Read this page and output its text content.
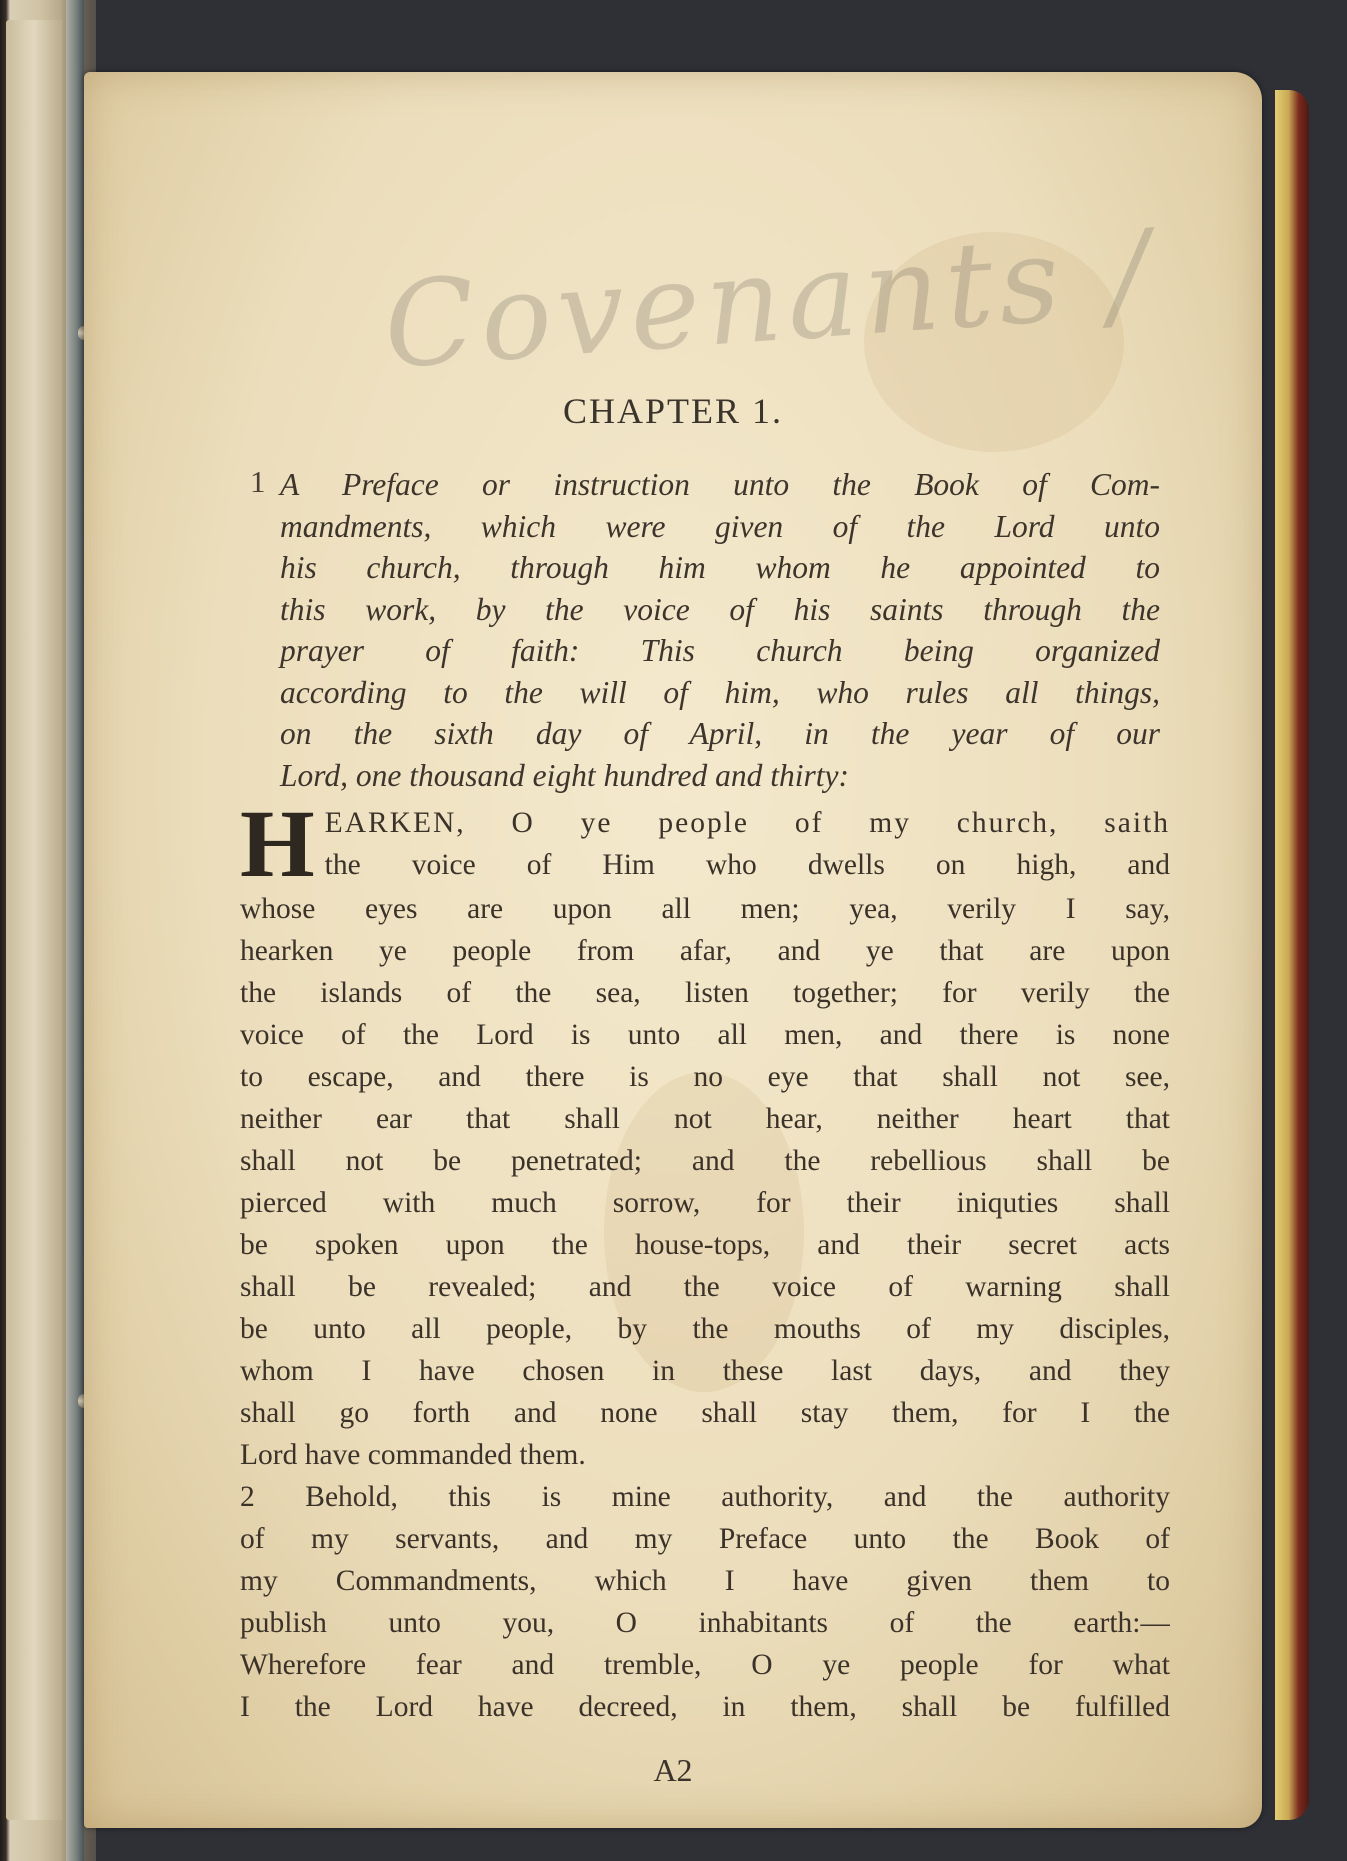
Covenants /
CHAPTER 1.
1 A Preface or instruction unto the Book of Com-
mandments, which were given of the Lord unto
his church, through him whom he appointed to
this work, by the voice of his saints through the
prayer of faith: This church being organized
according to the will of him, who rules all things,
on the sixth day of April, in the year of our
Lord, one thousand eight hundred and thirty:

H EARKEN, O ye people of my church, saith
the voice of Him who dwells on high, and
whose eyes are upon all men; yea, verily I say,
hearken ye people from afar, and ye that are upon
the islands of the sea, listen together; for verily the
voice of the Lord is unto all men, and there is none
to escape, and there is no eye that shall not see,
neither ear that shall not hear, neither heart that
shall not be penetrated; and the rebellious shall be
pierced with much sorrow, for their iniquties shall
be spoken upon the house-tops, and their secret acts
shall be revealed; and the voice of warning shall
be unto all people, by the mouths of my disciples,
whom I have chosen in these last days, and they
shall go forth and none shall stay them, for I the
Lord have commanded them.
2 Behold, this is mine authority, and the authority
of my servants, and my Preface unto the Book of
my Commandments, which I have given them to
publish unto you, O inhabitants of the earth:—
Wherefore fear and tremble, O ye people for what
I the Lord have decreed, in them, shall be fulfilled
A2
